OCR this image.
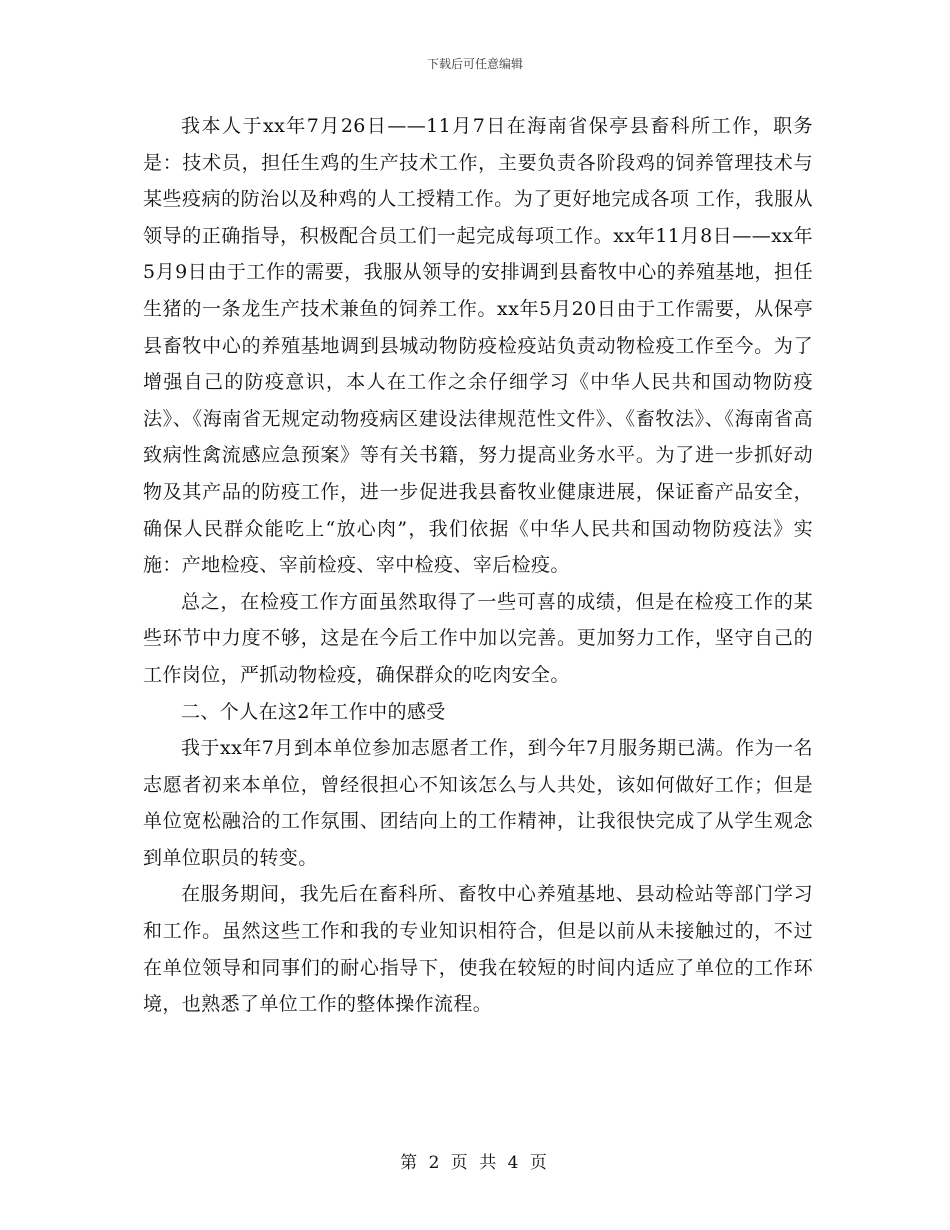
下载后可任意编辑

我本人于xx年7月26日——11月7日在海南省保亭县畜科所工作，职务是：技术员，担任生鸡的生产技术工作，主要负责各阶段鸡的饲养管理技术与某些疫病的防治以及种鸡的人工授精工作。为了更好地完成各项 工作，我服从领导的正确指导，积极配合员工们一起完成每项工作。xx年11月8日——xx年5月9日由于工作的需要，我服从领导的安排调到县畜牧中心的养殖基地，担任生猪的一条龙生产技术兼鱼的饲养工作。xx年5月20日由于工作需要，从保亭县畜牧中心的养殖基地调到县城动物防疫检疫站负责动物检疫工作至今。为了增强自己的防疫意识，本人在工作之余仔细学习《中华人民共和国动物防疫法》、《海南省无规定动物疫病区建设法律规范性文件》、《畜牧法》、《海南省高致病性禽流感应急预案》等有关书籍，努力提高业务水平。为了进一步抓好动物及其产品的防疫工作，进一步促进我县畜牧业健康进展，保证畜产品安全，确保人民群众能吃上“放心肉”，我们依据《中华人民共和国动物防疫法》实施：产地检疫、宰前检疫、宰中检疫、宰后检疫。

总之，在检疫工作方面虽然取得了一些可喜的成绩，但是在检疫工作的某些环节中力度不够，这是在今后工作中加以完善。更加努力工作，坚守自己的工作岗位，严抓动物检疫，确保群众的吃肉安全。

二、个人在这2年工作中的感受

我于xx年7月到本单位参加志愿者工作，到今年7月服务期已满。作为一名志愿者初来本单位，曾经很担心不知该怎么与人共处，该如何做好工作；但是单位宽松融洽的工作氛围、团结向上的工作精神，让我很快完成了从学生观念到单位职员的转变。

在服务期间，我先后在畜科所、畜牧中心养殖基地、县动检站等部门学习和工作。虽然这些工作和我的专业知识相符合，但是以前从未接触过的，不过在单位领导和同事们的耐心指导下，使我在较短的时间内适应了单位的工作环境，也熟悉了单位工作的整体操作流程。

第 2 页 共 4 页
